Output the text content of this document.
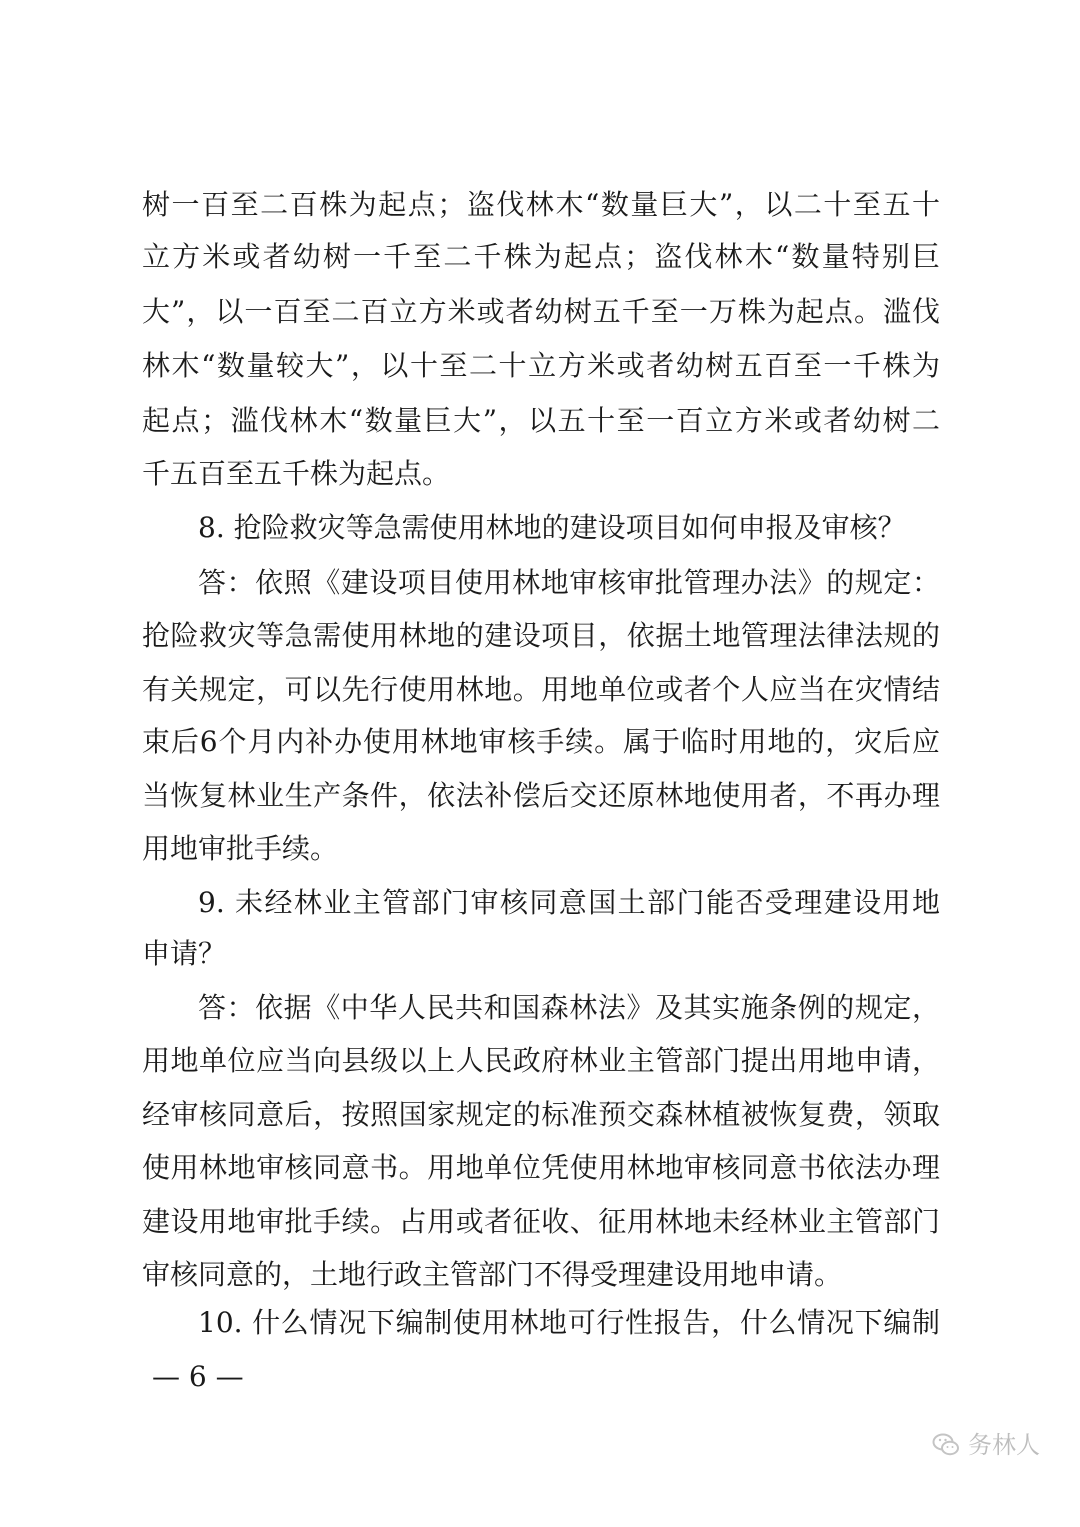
树一百至二百株为起点；盗伐林木“数量巨大”，以二十至五十

立方米或者幼树一千至二千株为起点；盗伐林木“数量特别巨

大”，以一百至二百立方米或者幼树五千至一万株为起点。滥伐

林木“数量较大”，以十至二十立方米或者幼树五百至一千株为

起点；滥伐林木“数量巨大”，以五十至一百立方米或者幼树二

千五百至五千株为起点。

8. 抢险救灾等急需使用林地的建设项目如何申报及审核？

答：依照《建设项目使用林地审核审批管理办法》的规定：

抢险救灾等急需使用林地的建设项目，依据土地管理法律法规的

有关规定，可以先行使用林地。用地单位或者个人应当在灾情结

束后6个月内补办使用林地审核手续。属于临时用地的，灾后应

当恢复林业生产条件，依法补偿后交还原林地使用者，不再办理

用地审批手续。

9. 未经林业主管部门审核同意国土部门能否受理建设用地

申请？

答：依据《中华人民共和国森林法》及其实施条例的规定，

用地单位应当向县级以上人民政府林业主管部门提出用地申请，

经审核同意后，按照国家规定的标准预交森林植被恢复费，领取

使用林地审核同意书。用地单位凭使用林地审核同意书依法办理

建设用地审批手续。占用或者征收、征用林地未经林业主管部门

审核同意的，土地行政主管部门不得受理建设用地申请。

10. 什么情况下编制使用林地可行性报告，什么情况下编制

— 6 —

务林人
